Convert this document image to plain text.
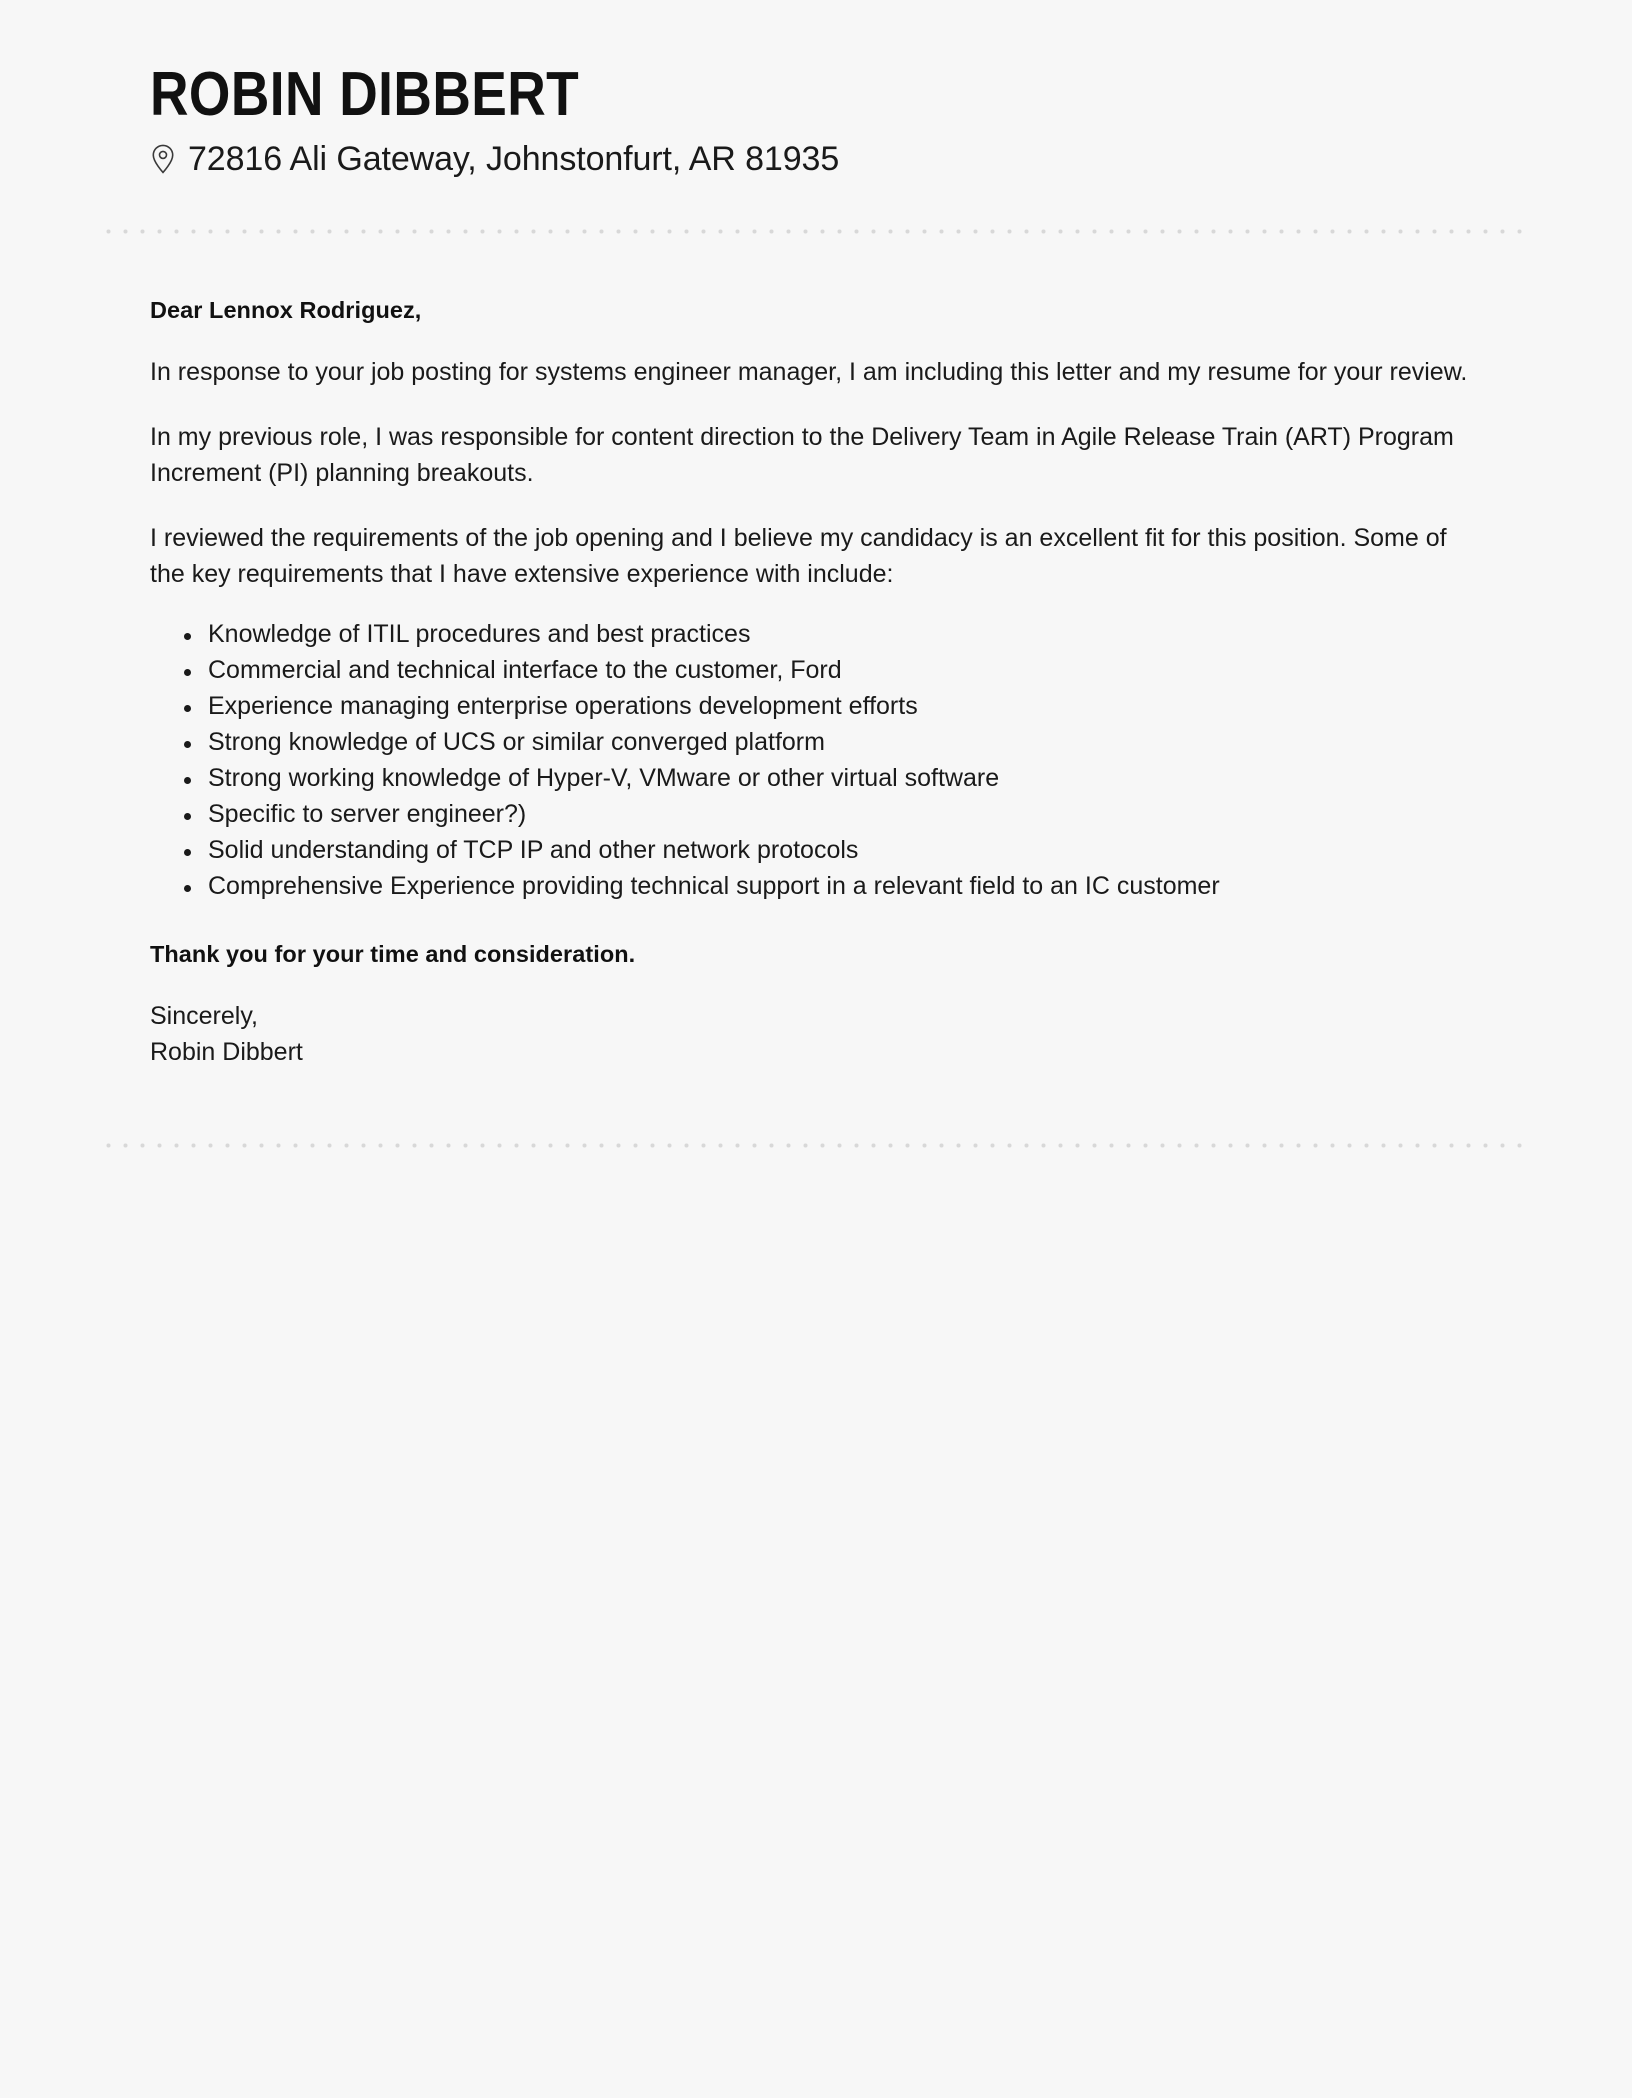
ROBIN DIBBERT
72816 Ali Gateway, Johnstonfurt, AR 81935

Dear Lennox Rodriguez,

In response to your job posting for systems engineer manager, I am including this letter and my resume for your review.

In my previous role, I was responsible for content direction to the Delivery Team in Agile Release Train (ART) Program Increment (PI) planning breakouts.

I reviewed the requirements of the job opening and I believe my candidacy is an excellent fit for this position. Some of the key requirements that I have extensive experience with include:

Knowledge of ITIL procedures and best practices
Commercial and technical interface to the customer, Ford
Experience managing enterprise operations development efforts
Strong knowledge of UCS or similar converged platform
Strong working knowledge of Hyper-V, VMware or other virtual software
Specific to server engineer?)
Solid understanding of TCP IP and other network protocols
Comprehensive Experience providing technical support in a relevant field to an IC customer

Thank you for your time and consideration.

Sincerely,
Robin Dibbert
